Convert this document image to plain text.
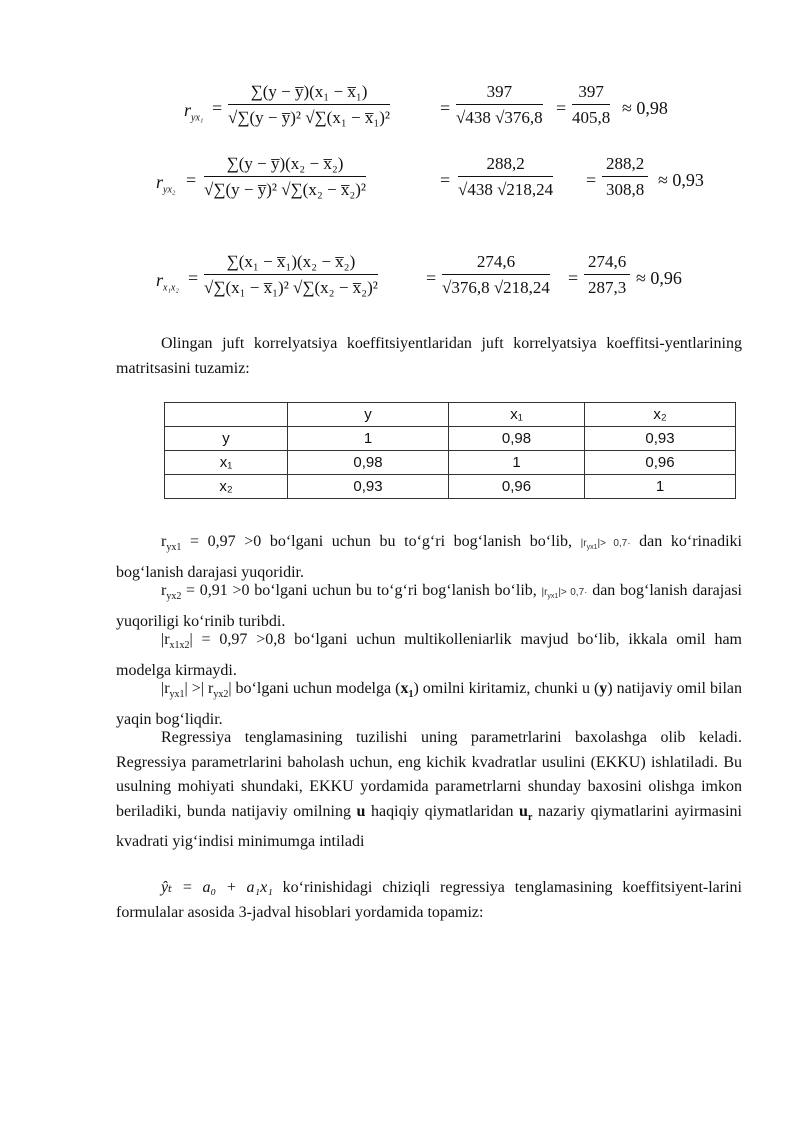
$r_{yx_1}$
= $\frac{\text{∑(y − y̅)(x₁ − x̅₁)}}{\text{√∑(y − y̅)² √∑(x₁ − x̅₁)²}}$	= $\frac{397}{√438 √376,8} = \frac{397}{405,8} \approx 0,98$
$r_{yx_2}$
= $\frac{\text{∑(y − y̅)(x₂ − x̅₂)}}{\text{√∑(y − y̅)² √∑(x₂ − x̅₂)²}}$	= $\frac{288,2}{√438 √218,24} = \frac{288,2}{308,8} \approx 0,93$
$r_{x_1x_2}$
= $\frac{\text{∑(x₁ − x̅₁)(x₂ − x̅₂)}}{\text{√∑(x₁ − x̅₁)² √∑(x₂ − x̅₂)²}}$	= $\frac{274,6}{√376,8 √218,24} = \frac{274,6}{287,3} \approx 0,96$
Olingan juft korrelyatsiya koeffitsiyentlaridan juft korrelyatsiya koeffitsi-yentlarining matritsasini tuzamiz:
	y	x₁	x₂
y	1	0,98	0,93
x₁	0,98	1	0,96
x₂	0,93	0,96	1
$r_{yx1} = 0,97 >0$ bo‘lgani uchun bu to‘g‘ri bog‘lanish bo‘lib, $|r_{yx1}|> 0,7\cdot$ dan ko‘rinadiki bog‘lanish darajasi yuqoridir.
$r_{yx2} = 0,91 >0$ bo‘lgani uchun bu to‘g‘ri bog‘lanish bo‘lib, $|r_{yx1}|> 0,7\cdot$ dan bog‘lanish darajasi yuqoriligi ko‘rinib turibdi.
$|r_{x1x2}| = 0,97 >0,8$ bo‘lgani uchun multikolleniarlik mavjud bo‘lib, ikkala omil ham modelga kirmaydi.
$|r_{yx1}|$ >| $r_{yx2}|$ bo‘lgani uchun modelga $(x_1)$ omilni kiritamiz, chunki u (y) natijaviy omil bilan yaqin bog‘liqdir.
Regressiya tenglamasining tuzilishi uning parametrlarini baxolashga olib keladi. Regressiya parametrlarini baholash uchun, eng kichik kvadratlar usulini (EKKU) ishlatiladi. Bu usulning mohiyati shundaki, EKKU yordamida parametrlarni shunday baxosini olishga imkon beriladiki, bunda natijaviy omilning u haqiqiy qiymatlaridan $u_r$ nazariy qiymatlarini ayirmasini kvadrati yig‘indisi minimumga intiladi
ŷₜ = a₀ + a₁x₁ ko‘rinishidagi chiziqli regressiya tenglamasining koeffitsiyent-larini formulalar asosida 3-jadval hisoblari yordamida topamiz:
